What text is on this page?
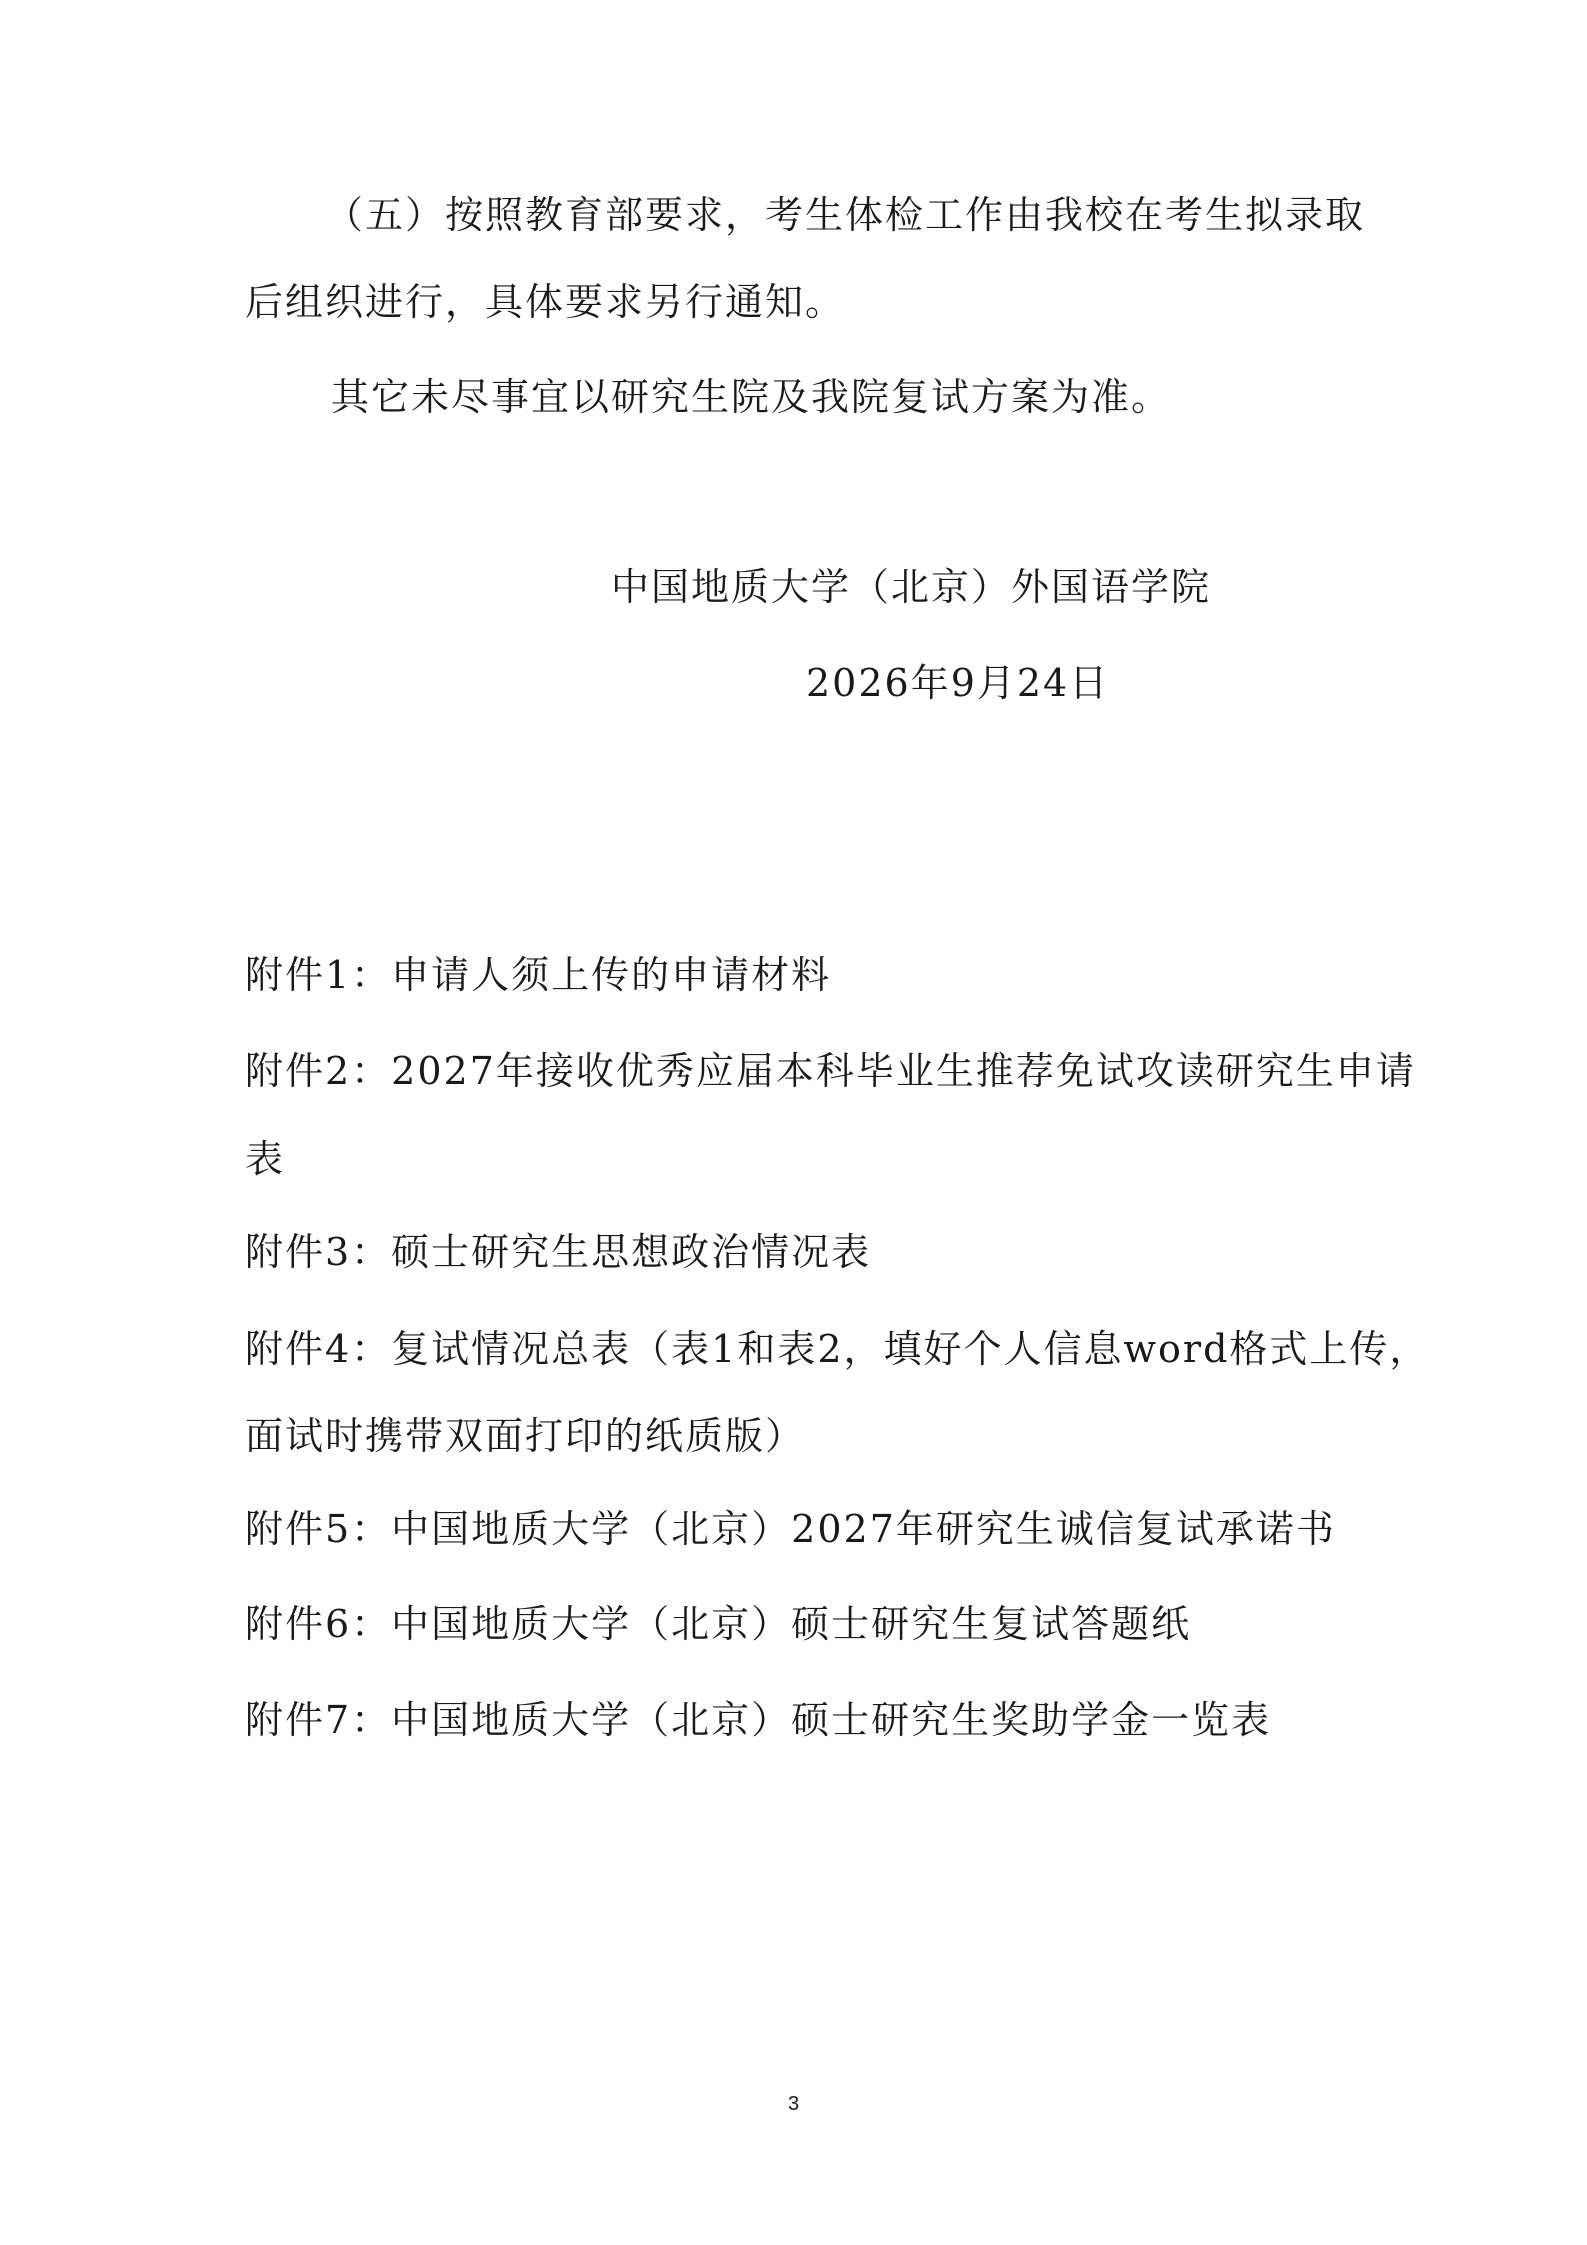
（五）按照教育部要求，考生体检工作由我校在考生拟录取
后组织进行，具体要求另行通知。
其它未尽事宜以研究生院及我院复试方案为准。
中国地质大学（北京）外国语学院
2026年9月24日
附件1：申请人须上传的申请材料
附件2：2027年接收优秀应届本科毕业生推荐免试攻读研究生申请
表
附件3：硕士研究生思想政治情况表
附件4：复试情况总表（表1和表2，填好个人信息word格式上传，
面试时携带双面打印的纸质版）
附件5：中国地质大学（北京）2027年研究生诚信复试承诺书
附件6：中国地质大学（北京）硕士研究生复试答题纸
附件7：中国地质大学（北京）硕士研究生奖助学金一览表
3
